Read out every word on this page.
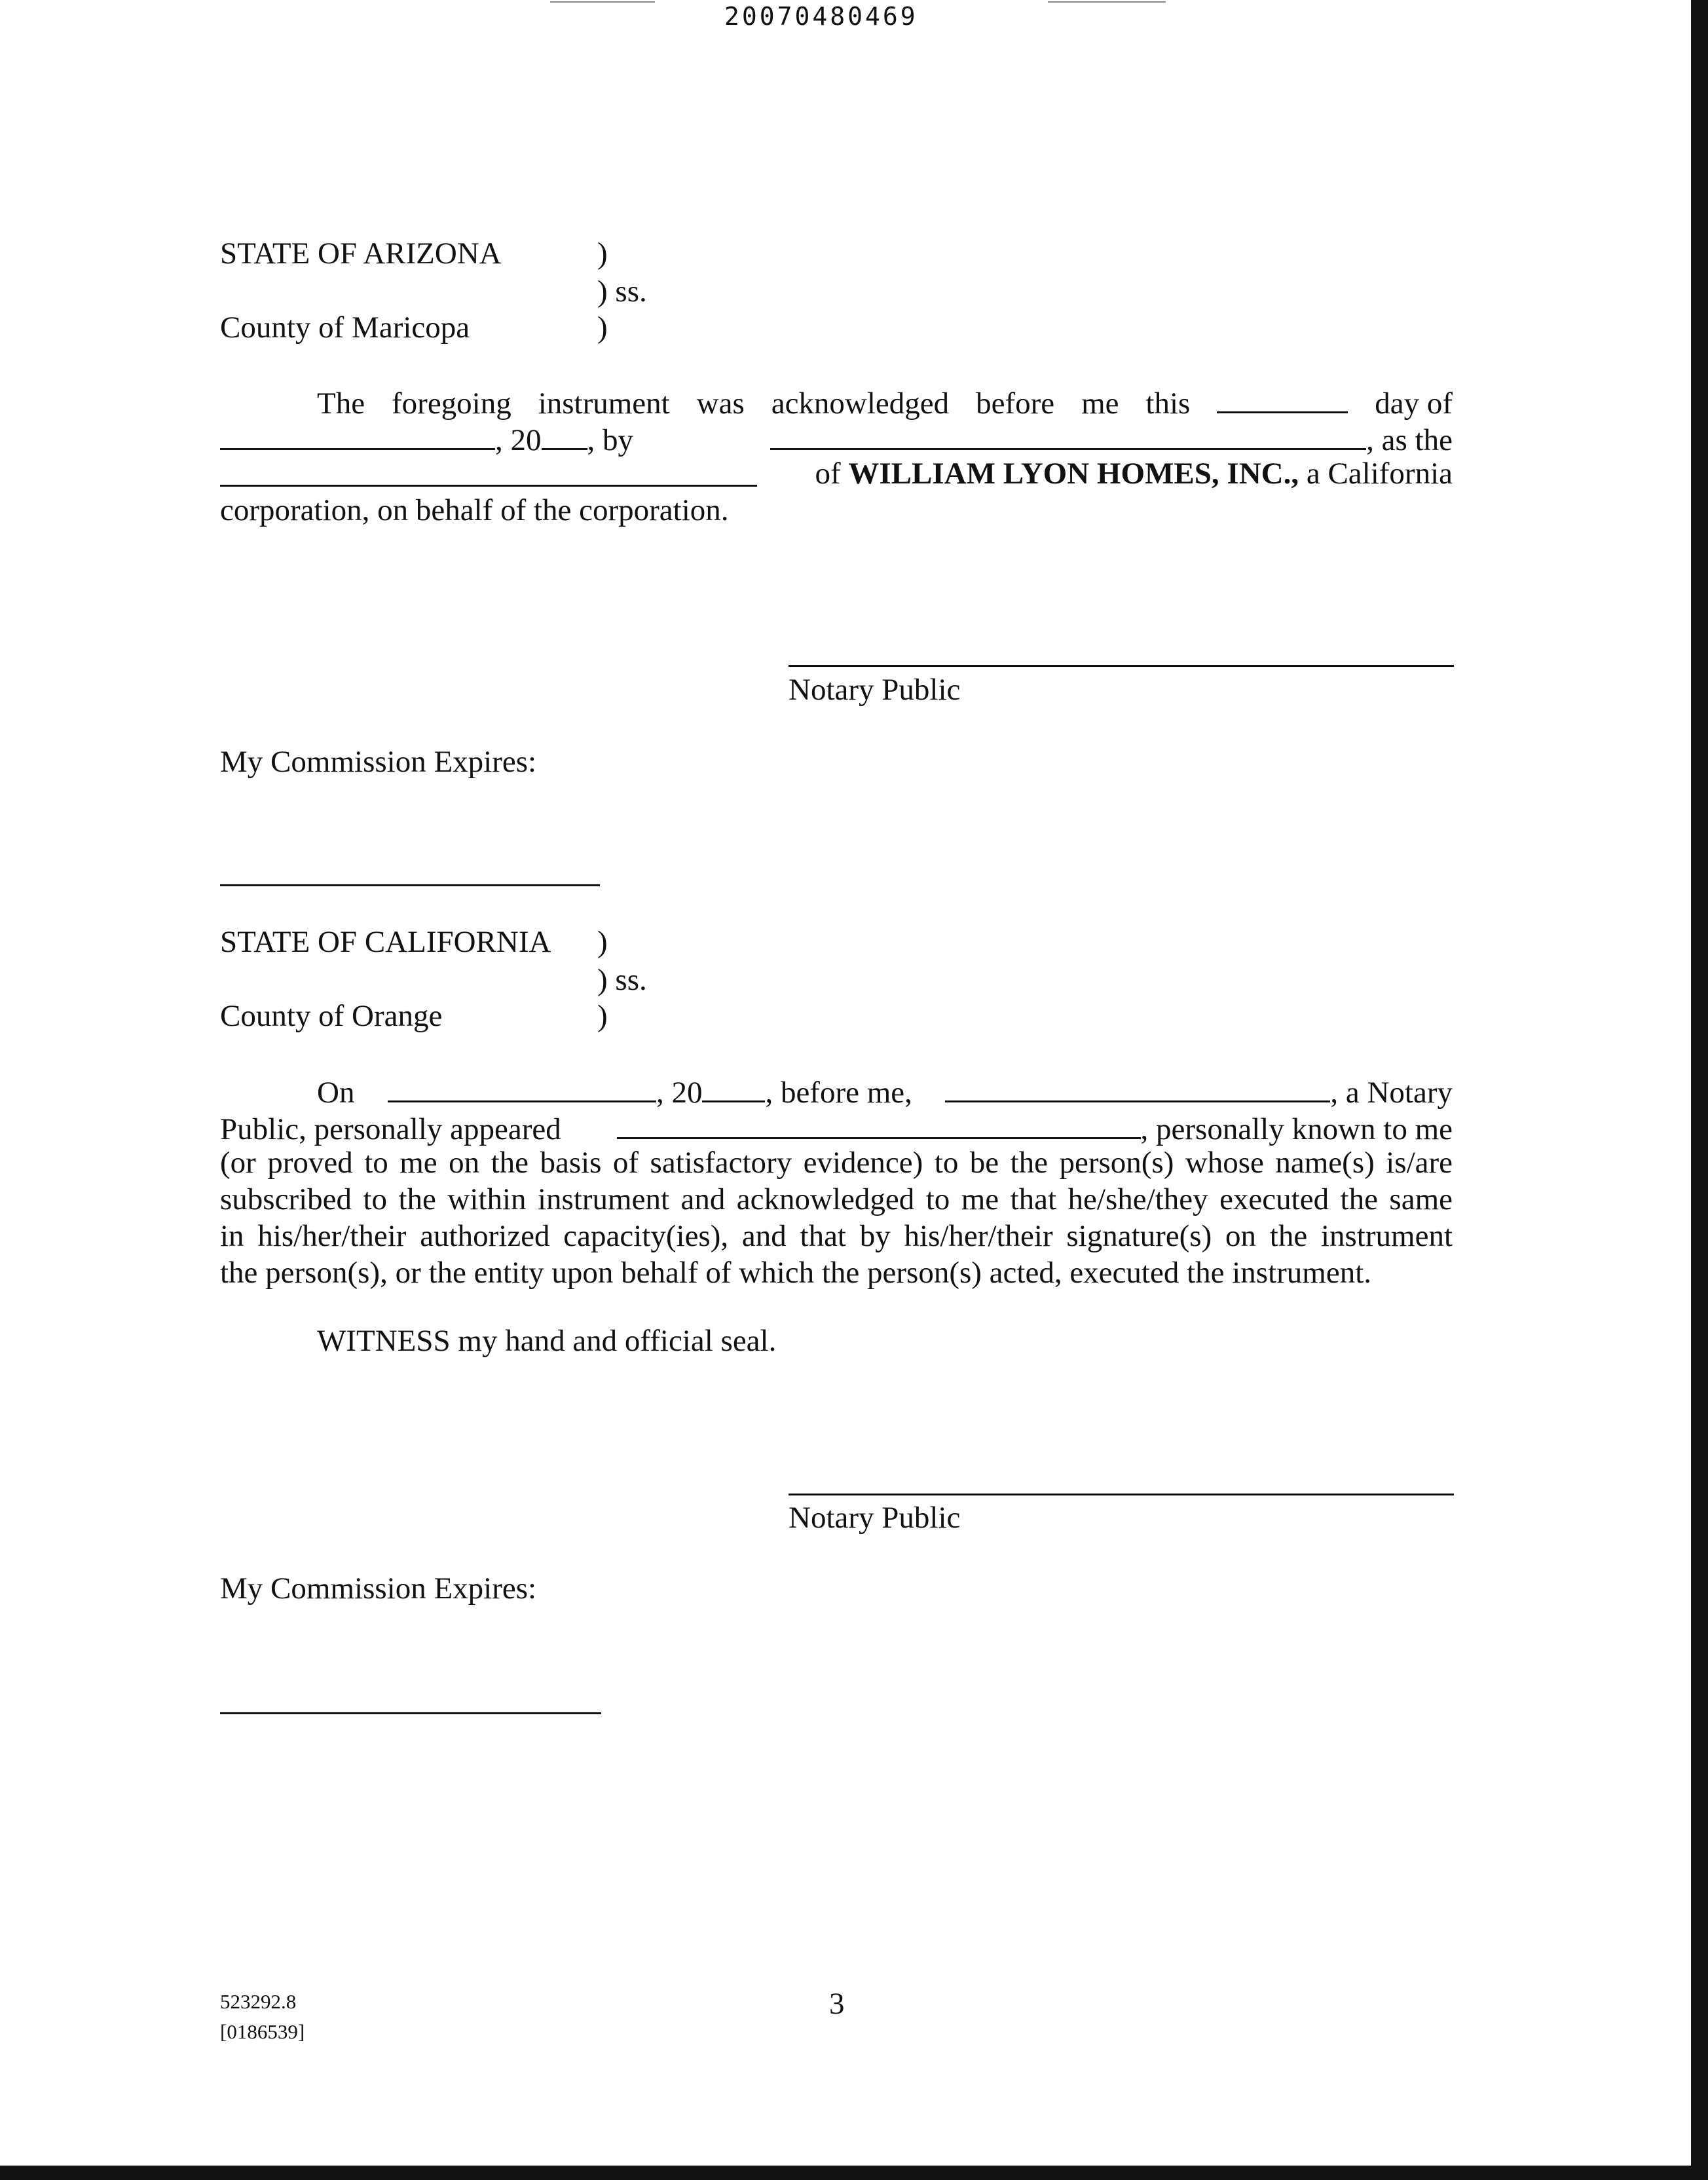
20070480469
STATE OF ARIZONA	)
) ss.
County of Maricopa	)
The foregoing instrument was acknowledged before me this	day of
, 20 , by	, as the
of WILLIAM LYON HOMES, INC., a California
corporation, on behalf of the corporation.
Notary Public
My Commission Expires:
STATE OF CALIFORNIA )
) ss.
County of Orange	)
On	, 20 , before me,	, a Notary
Public, personally appeared	, personally known to me
(or proved to me on the basis of satisfactory evidence) to be the person(s) whose name(s) is/are
subscribed to the within instrument and acknowledged to me that he/she/they executed the same
in his/her/their authorized capacity(ies), and that by his/her/their signature(s) on the instrument
the person(s), or the entity upon behalf of which the person(s) acted, executed the instrument.
WITNESS my hand and official seal.
Notary Public
My Commission Expires:
523292.8
[0186539]
3
